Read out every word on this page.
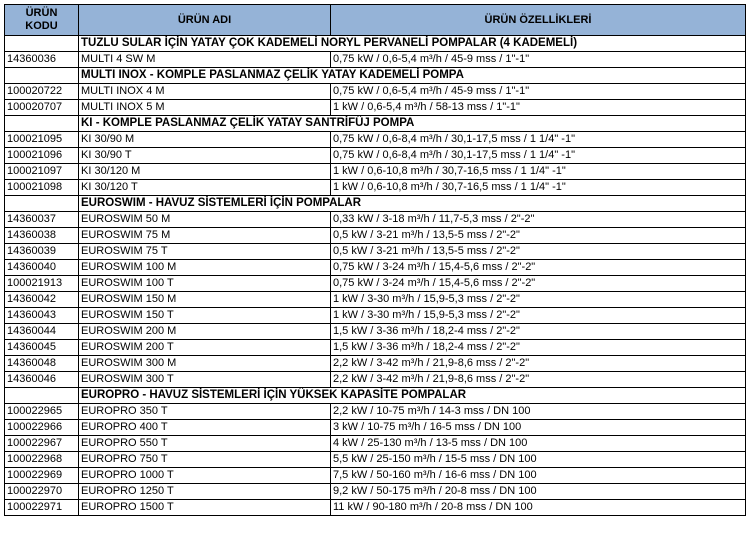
ÜRÜN
KODU	ÜRÜN ADI	ÜRÜN ÖZELLİKLERİ
	TUZLU SULAR İÇİN YATAY ÇOK KADEMELİ NORYL PERVANELİ POMPALAR (4 KADEMELİ)	
14360036	MULTI 4 SW M	0,75 kW / 0,6-5,4 m³/h / 45-9 mss / 1"-1"
	MULTI INOX - KOMPLE PASLANMAZ ÇELİK YATAY KADEMELİ POMPA	
100020722	MULTI INOX 4 M	0,75 kW / 0,6-5,4 m³/h / 45-9 mss / 1"-1"
100020707	MULTI INOX 5 M	1 kW / 0,6-5,4 m³/h / 58-13 mss / 1"-1"
	KI - KOMPLE PASLANMAZ ÇELİK YATAY SANTRİFÜJ POMPA	
100021095	KI 30/90 M	0,75 kW / 0,6-8,4 m³/h / 30,1-17,5 mss / 1 1/4" -1"
100021096	KI 30/90 T	0,75 kW / 0,6-8,4 m³/h / 30,1-17,5 mss / 1 1/4" -1"
100021097	KI 30/120 M	1 kW / 0,6-10,8 m³/h / 30,7-16,5 mss / 1 1/4" -1"
100021098	KI 30/120 T	1 kW / 0,6-10,8 m³/h / 30,7-16,5 mss / 1 1/4" -1"
	EUROSWIM - HAVUZ SİSTEMLERİ İÇİN POMPALAR	
14360037	EUROSWIM 50 M	0,33 kW / 3-18 m³/h / 11,7-5,3 mss / 2"-2"
14360038	EUROSWIM 75 M	0,5 kW / 3-21 m³/h / 13,5-5 mss / 2"-2"
14360039	EUROSWIM 75 T	0,5 kW / 3-21 m³/h / 13,5-5 mss / 2"-2"
14360040	EUROSWIM 100 M	0,75 kW / 3-24 m³/h / 15,4-5,6 mss / 2"-2"
100021913	EUROSWIM 100 T	0,75 kW / 3-24 m³/h / 15,4-5,6 mss / 2"-2"
14360042	EUROSWIM 150 M	1 kW / 3-30 m³/h / 15,9-5,3 mss / 2"-2"
14360043	EUROSWIM 150 T	1 kW / 3-30 m³/h / 15,9-5,3 mss / 2"-2"
14360044	EUROSWIM 200 M	1,5 kW / 3-36 m³/h / 18,2-4 mss / 2"-2"
14360045	EUROSWIM 200 T	1,5 kW / 3-36 m³/h / 18,2-4 mss / 2"-2"
14360048	EUROSWIM 300 M	2,2 kW / 3-42 m³/h / 21,9-8,6 mss / 2"-2"
14360046	EUROSWIM 300 T	2,2 kW / 3-42 m³/h / 21,9-8,6 mss / 2"-2"
	EUROPRO - HAVUZ SİSTEMLERİ İÇİN YÜKSEK KAPASİTE POMPALAR	
100022965	EUROPRO 350 T	2,2 kW / 10-75 m³/h / 14-3 mss / DN 100
100022966	EUROPRO 400 T	3 kW / 10-75 m³/h / 16-5 mss / DN 100
100022967	EUROPRO 550 T	4 kW / 25-130 m³/h / 13-5 mss / DN 100
100022968	EUROPRO 750 T	5,5 kW / 25-150 m³/h / 15-5 mss / DN 100
100022969	EUROPRO 1000 T	7,5 kW / 50-160 m³/h / 16-6 mss / DN 100
100022970	EUROPRO 1250 T	9,2 kW / 50-175 m³/h / 20-8 mss / DN 100
100022971	EUROPRO 1500 T	11 kW / 90-180 m³/h / 20-8 mss / DN 100
